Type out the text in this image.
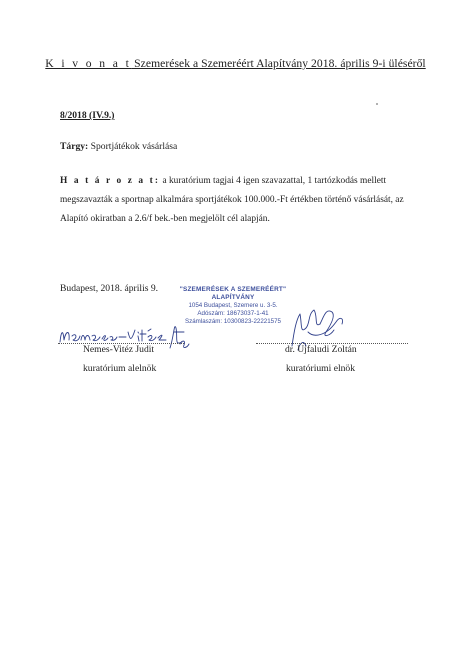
K i v o n a t Szemerések a Szemeréért Alapítvány 2018. április 9-i üléséről
8/2018 (IV.9.)
Tárgy: Sportjátékok vásárlása
H a t á r o z a t: a kuratórium tagjai 4 igen szavazattal, 1 tartózkodás mellett megszavazták a sportnap alkalmára sportjátékok 100.000.-Ft értékben történő vásárlását, az Alapító okiratban a 2.6/f bek.-ben megjelölt cél alapján.
Budapest, 2018. április 9.	"SZEMERÉSEK A SZEMERÉÉRT"
ALAPÍTVÁNY
1054 Budapest, Szemere u. 3-5.
Adószám: 18673037-1-41
Számlaszám: 10300823-22221575
Nemes-Vitéz Judit	dr. Ujfaludi Zoltán
kuratórium alelnök	kuratóriumi elnök
